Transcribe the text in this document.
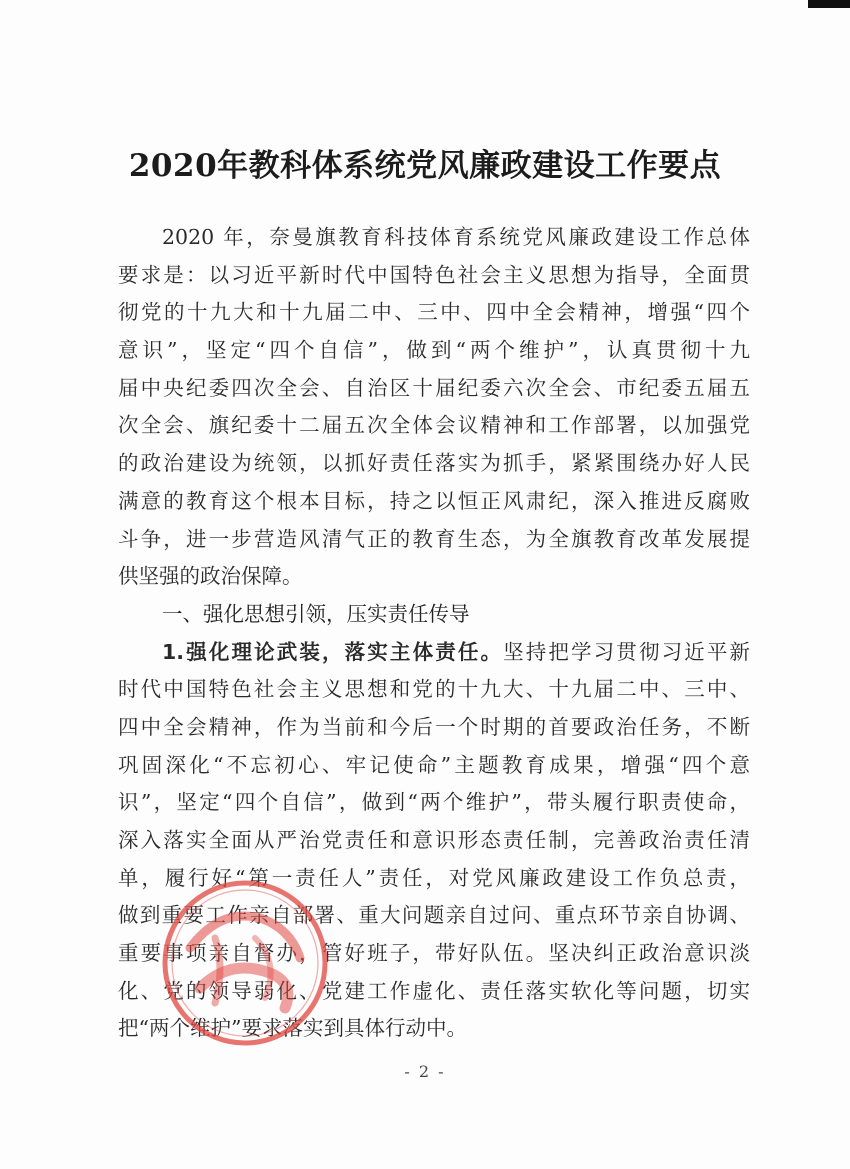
2020年教科体系统党风廉政建设工作要点
2020 年，奈曼旗教育科技体育系统党风廉政建设工作总体
要求是：以习近平新时代中国特色社会主义思想为指导，全面贯
彻党的十九大和十九届二中、三中、四中全会精神，增强“四个
意识”，坚定“四个自信”，做到“两个维护”，认真贯彻十九
届中央纪委四次全会、自治区十届纪委六次全会、市纪委五届五
次全会、旗纪委十二届五次全体会议精神和工作部署，以加强党
的政治建设为统领，以抓好责任落实为抓手，紧紧围绕办好人民
满意的教育这个根本目标，持之以恒正风肃纪，深入推进反腐败
斗争，进一步营造风清气正的教育生态，为全旗教育改革发展提
供坚强的政治保障。
一、强化思想引领，压实责任传导
1.强化理论武装，落实主体责任。坚持把学习贯彻习近平新
时代中国特色社会主义思想和党的十九大、十九届二中、三中、
四中全会精神，作为当前和今后一个时期的首要政治任务，不断
巩固深化“不忘初心、牢记使命”主题教育成果，增强“四个意
识”，坚定“四个自信”，做到“两个维护”，带头履行职责使命，
深入落实全面从严治党责任和意识形态责任制，完善政治责任清
单，履行好“第一责任人”责任，对党风廉政建设工作负总责，
做到重要工作亲自部署、重大问题亲自过问、重点环节亲自协调、
重要事项亲自督办，管好班子，带好队伍。坚决纠正政治意识淡
化、党的领导弱化、党建工作虚化、责任落实软化等问题，切实
把“两个维护”要求落实到具体行动中。
- 2 -
